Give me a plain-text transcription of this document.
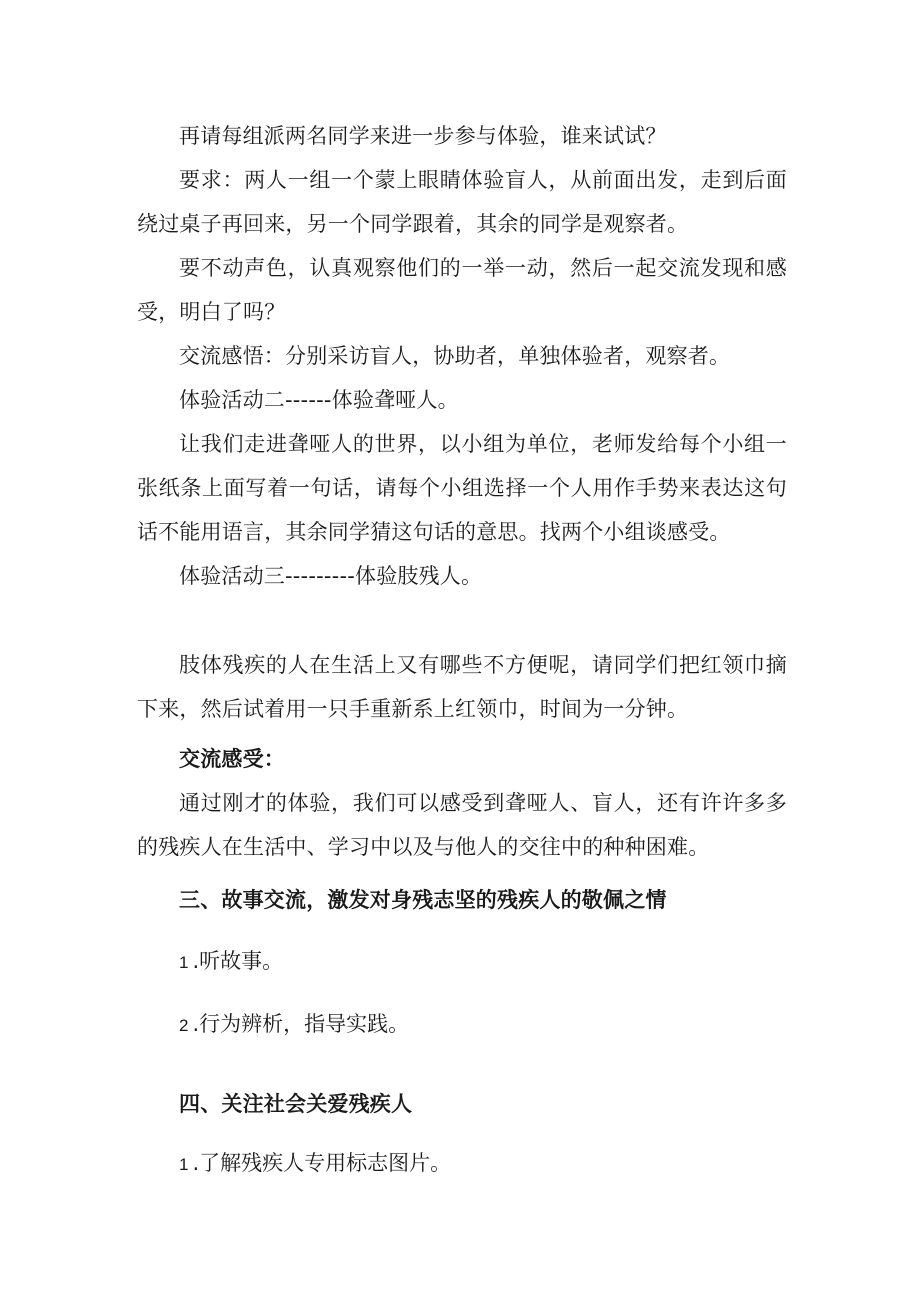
再请每组派两名同学来进一步参与体验，谁来试试？

要求：两人一组一个蒙上眼睛体验盲人，从前面出发，走到后面绕过桌子再回来，另一个同学跟着，其余的同学是观察者。

要不动声色，认真观察他们的一举一动，然后一起交流发现和感受，明白了吗？

交流感悟：分别采访盲人，协助者，单独体验者，观察者。

体验活动二------体验聋哑人。

让我们走进聋哑人的世界，以小组为单位，老师发给每个小组一张纸条上面写着一句话，请每个小组选择一个人用作手势来表达这句话不能用语言，其余同学猜这句话的意思。找两个小组谈感受。

体验活动三---------体验肢残人。

肢体残疾的人在生活上又有哪些不方便呢，请同学们把红领巾摘下来，然后试着用一只手重新系上红领巾，时间为一分钟。

交流感受：

通过刚才的体验，我们可以感受到聋哑人、盲人，还有许许多多的残疾人在生活中、学习中以及与他人的交往中的种种困难。

三、故事交流，激发对身残志坚的残疾人的敬佩之情

1 .听故事。
2 .行为辨析，指导实践。

四、关注社会关爱残疾人

1 .了解残疾人专用标志图片。
